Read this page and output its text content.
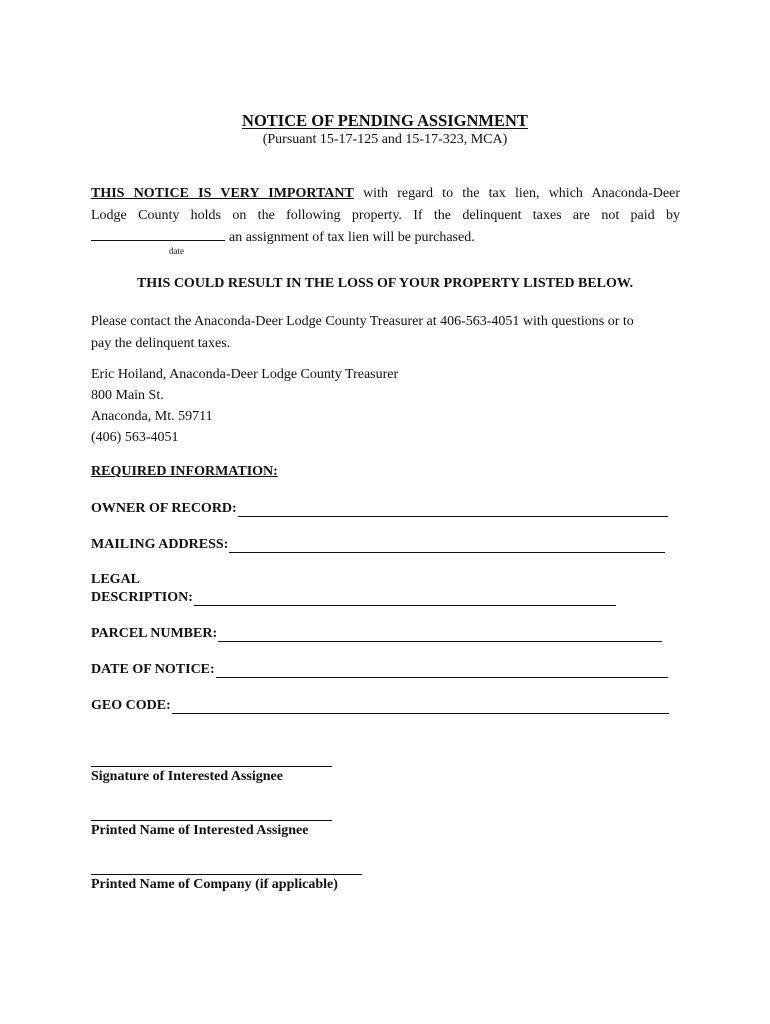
NOTICE OF PENDING ASSIGNMENT
(Pursuant 15-17-125 and 15-17-323, MCA)
THIS NOTICE IS VERY IMPORTANT with regard to the tax lien, which Anaconda-Deer
Lodge County holds on the following property. If the delinquent taxes are not paid by
an assignment of tax lien will be purchased.
date
THIS COULD RESULT IN THE LOSS OF YOUR PROPERTY LISTED BELOW.
Please contact the Anaconda-Deer Lodge County Treasurer at 406-563-4051 with questions or to
pay the delinquent taxes.
Eric Hoiland, Anaconda-Deer Lodge County Treasurer
800 Main St.
Anaconda, Mt. 59711
(406) 563-4051
REQUIRED INFORMATION:
OWNER OF RECORD:
MAILING ADDRESS:
LEGAL
DESCRIPTION:
PARCEL NUMBER:
DATE OF NOTICE:
GEO CODE:
Signature of Interested Assignee
Printed Name of Interested Assignee
Printed Name of Company (if applicable)
